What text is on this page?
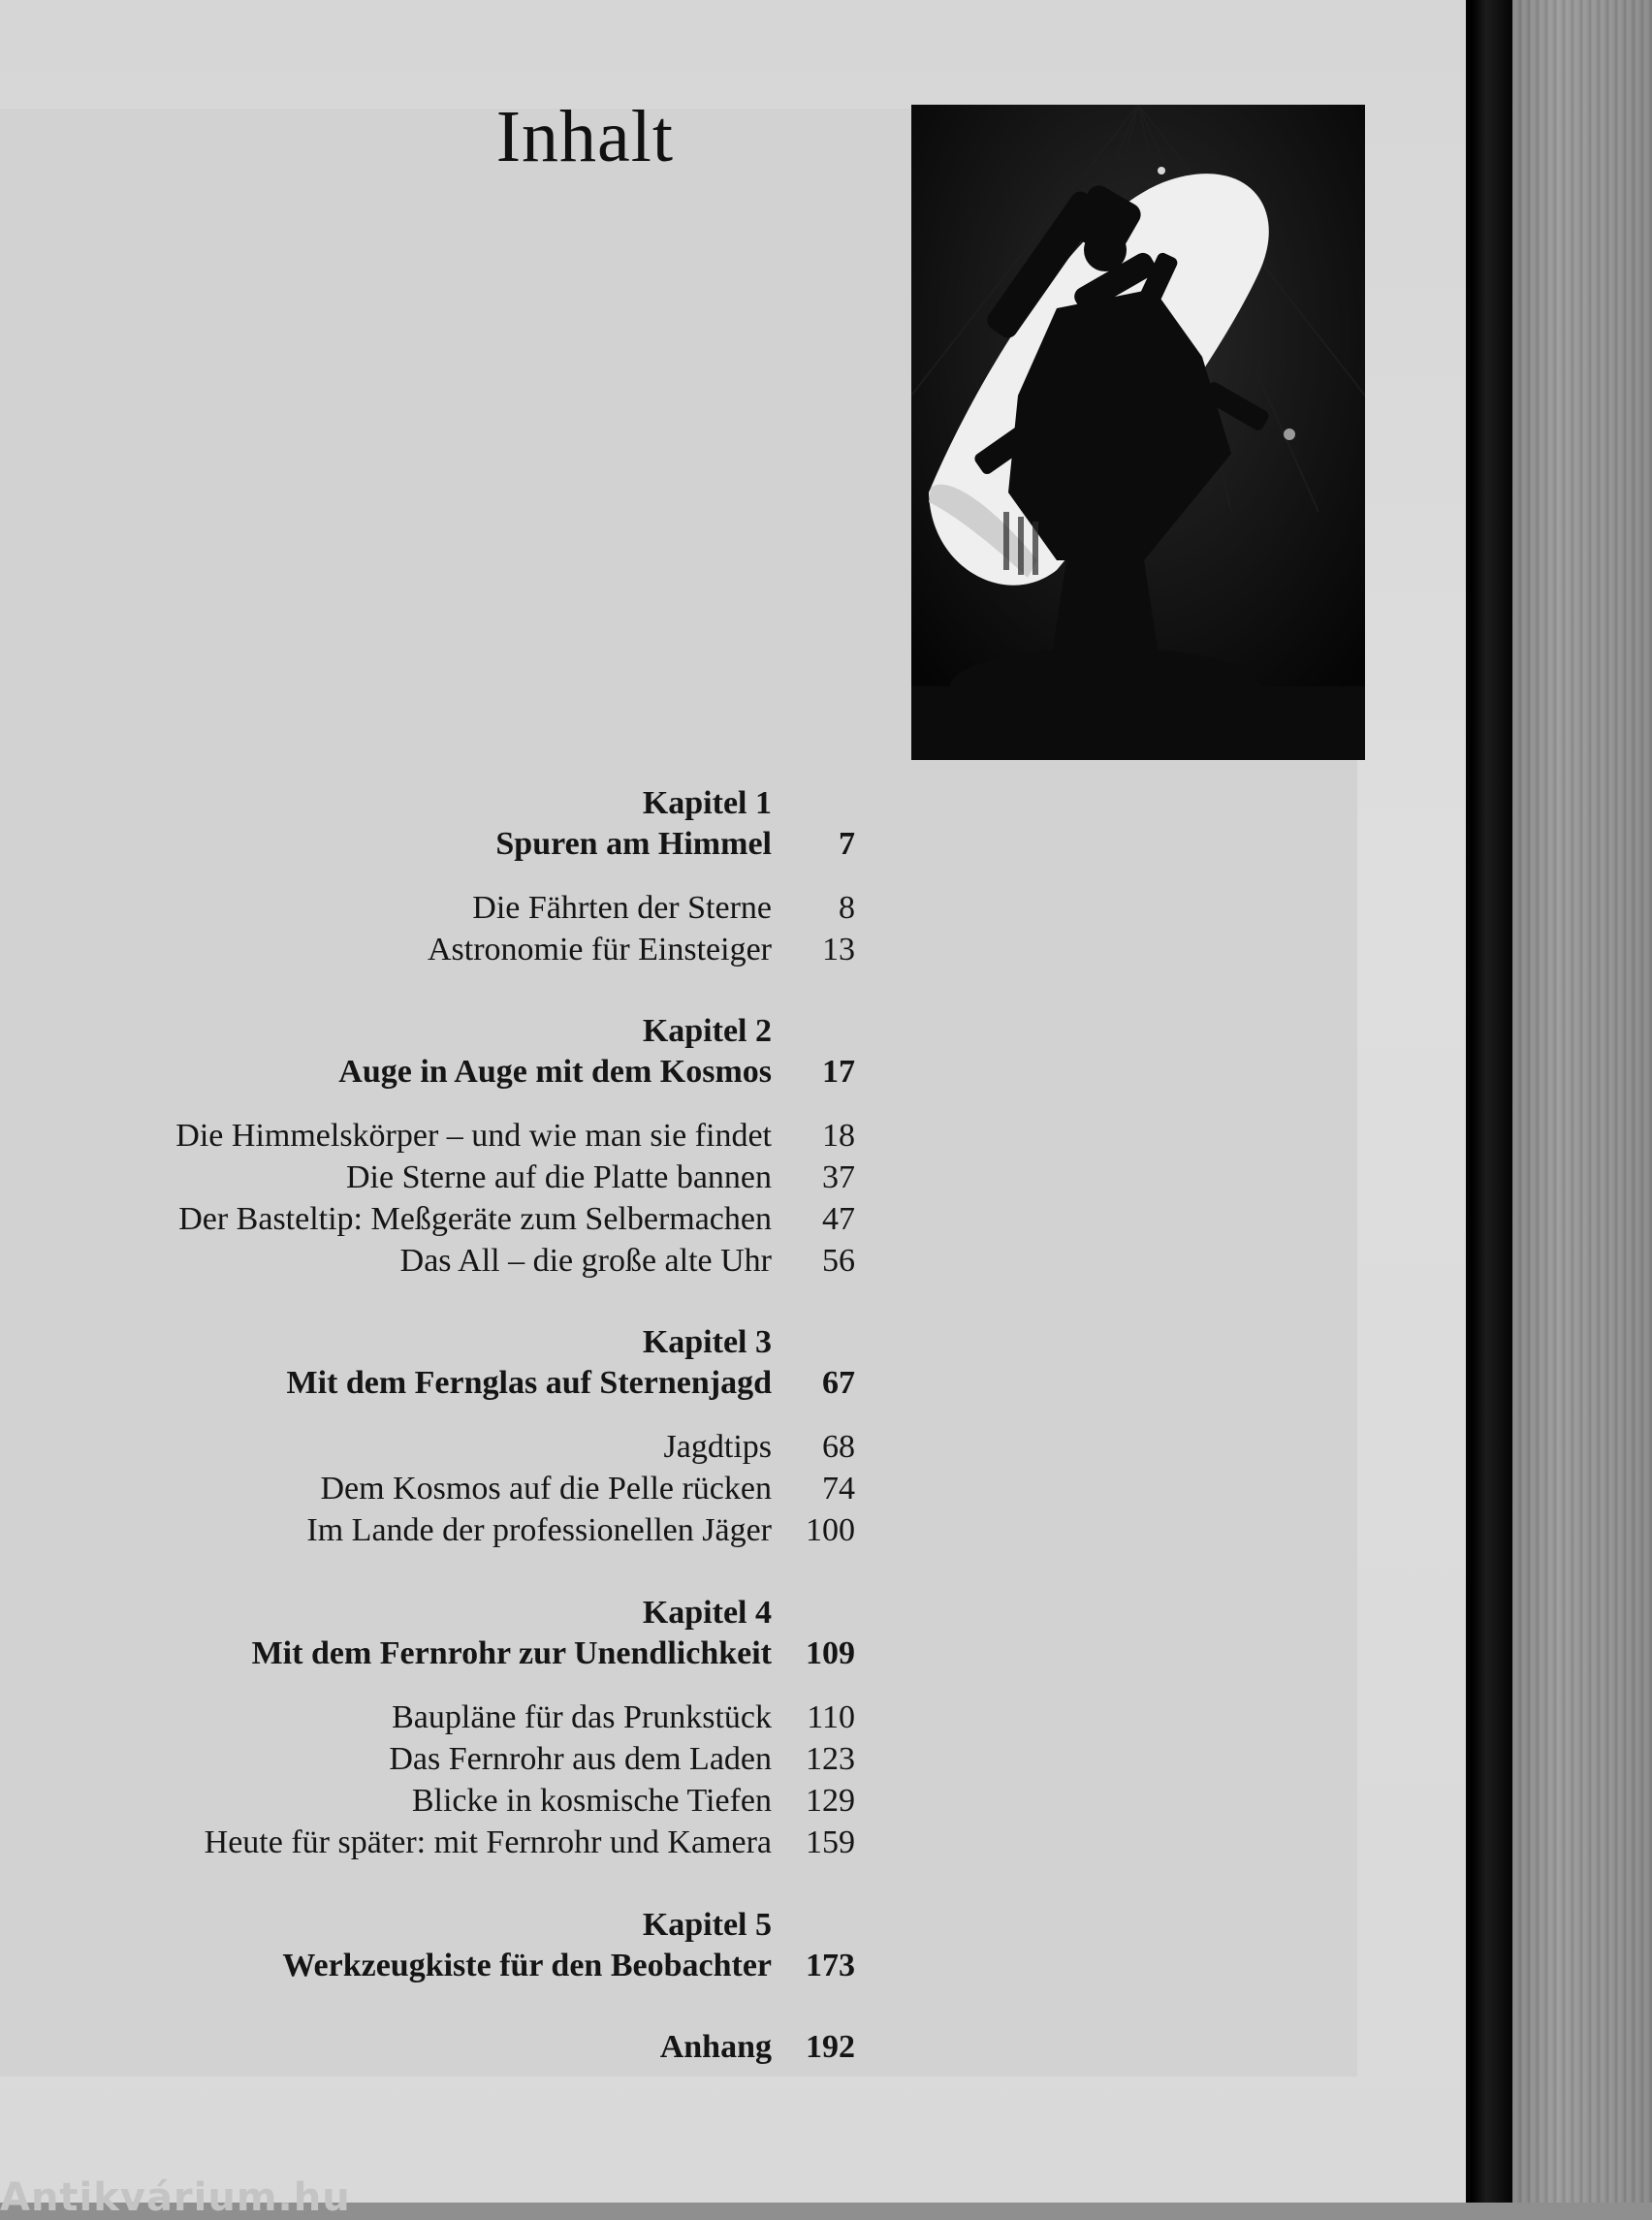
Inhalt
Kapitel 1
Spuren am Himmel	7
Die Fährten der Sterne	8
Astronomie für Einsteiger	13
Kapitel 2
Auge in Auge mit dem Kosmos	17
Die Himmelskörper – und wie man sie findet	18
Die Sterne auf die Platte bannen	37
Der Basteltip: Meßgeräte zum Selbermachen	47
Das All – die große alte Uhr	56
Kapitel 3
Mit dem Fernglas auf Sternenjagd	67
Jagdtips	68
Dem Kosmos auf die Pelle rücken	74
Im Lande der professionellen Jäger	100
Kapitel 4
Mit dem Fernrohr zur Unendlichkeit	109
Baupläne für das Prunkstück	110
Das Fernrohr aus dem Laden	123
Blicke in kosmische Tiefen	129
Heute für später: mit Fernrohr und Kamera	159
Kapitel 5
Werkzeugkiste für den Beobachter	173
Anhang	192
Antikvárium.hu
